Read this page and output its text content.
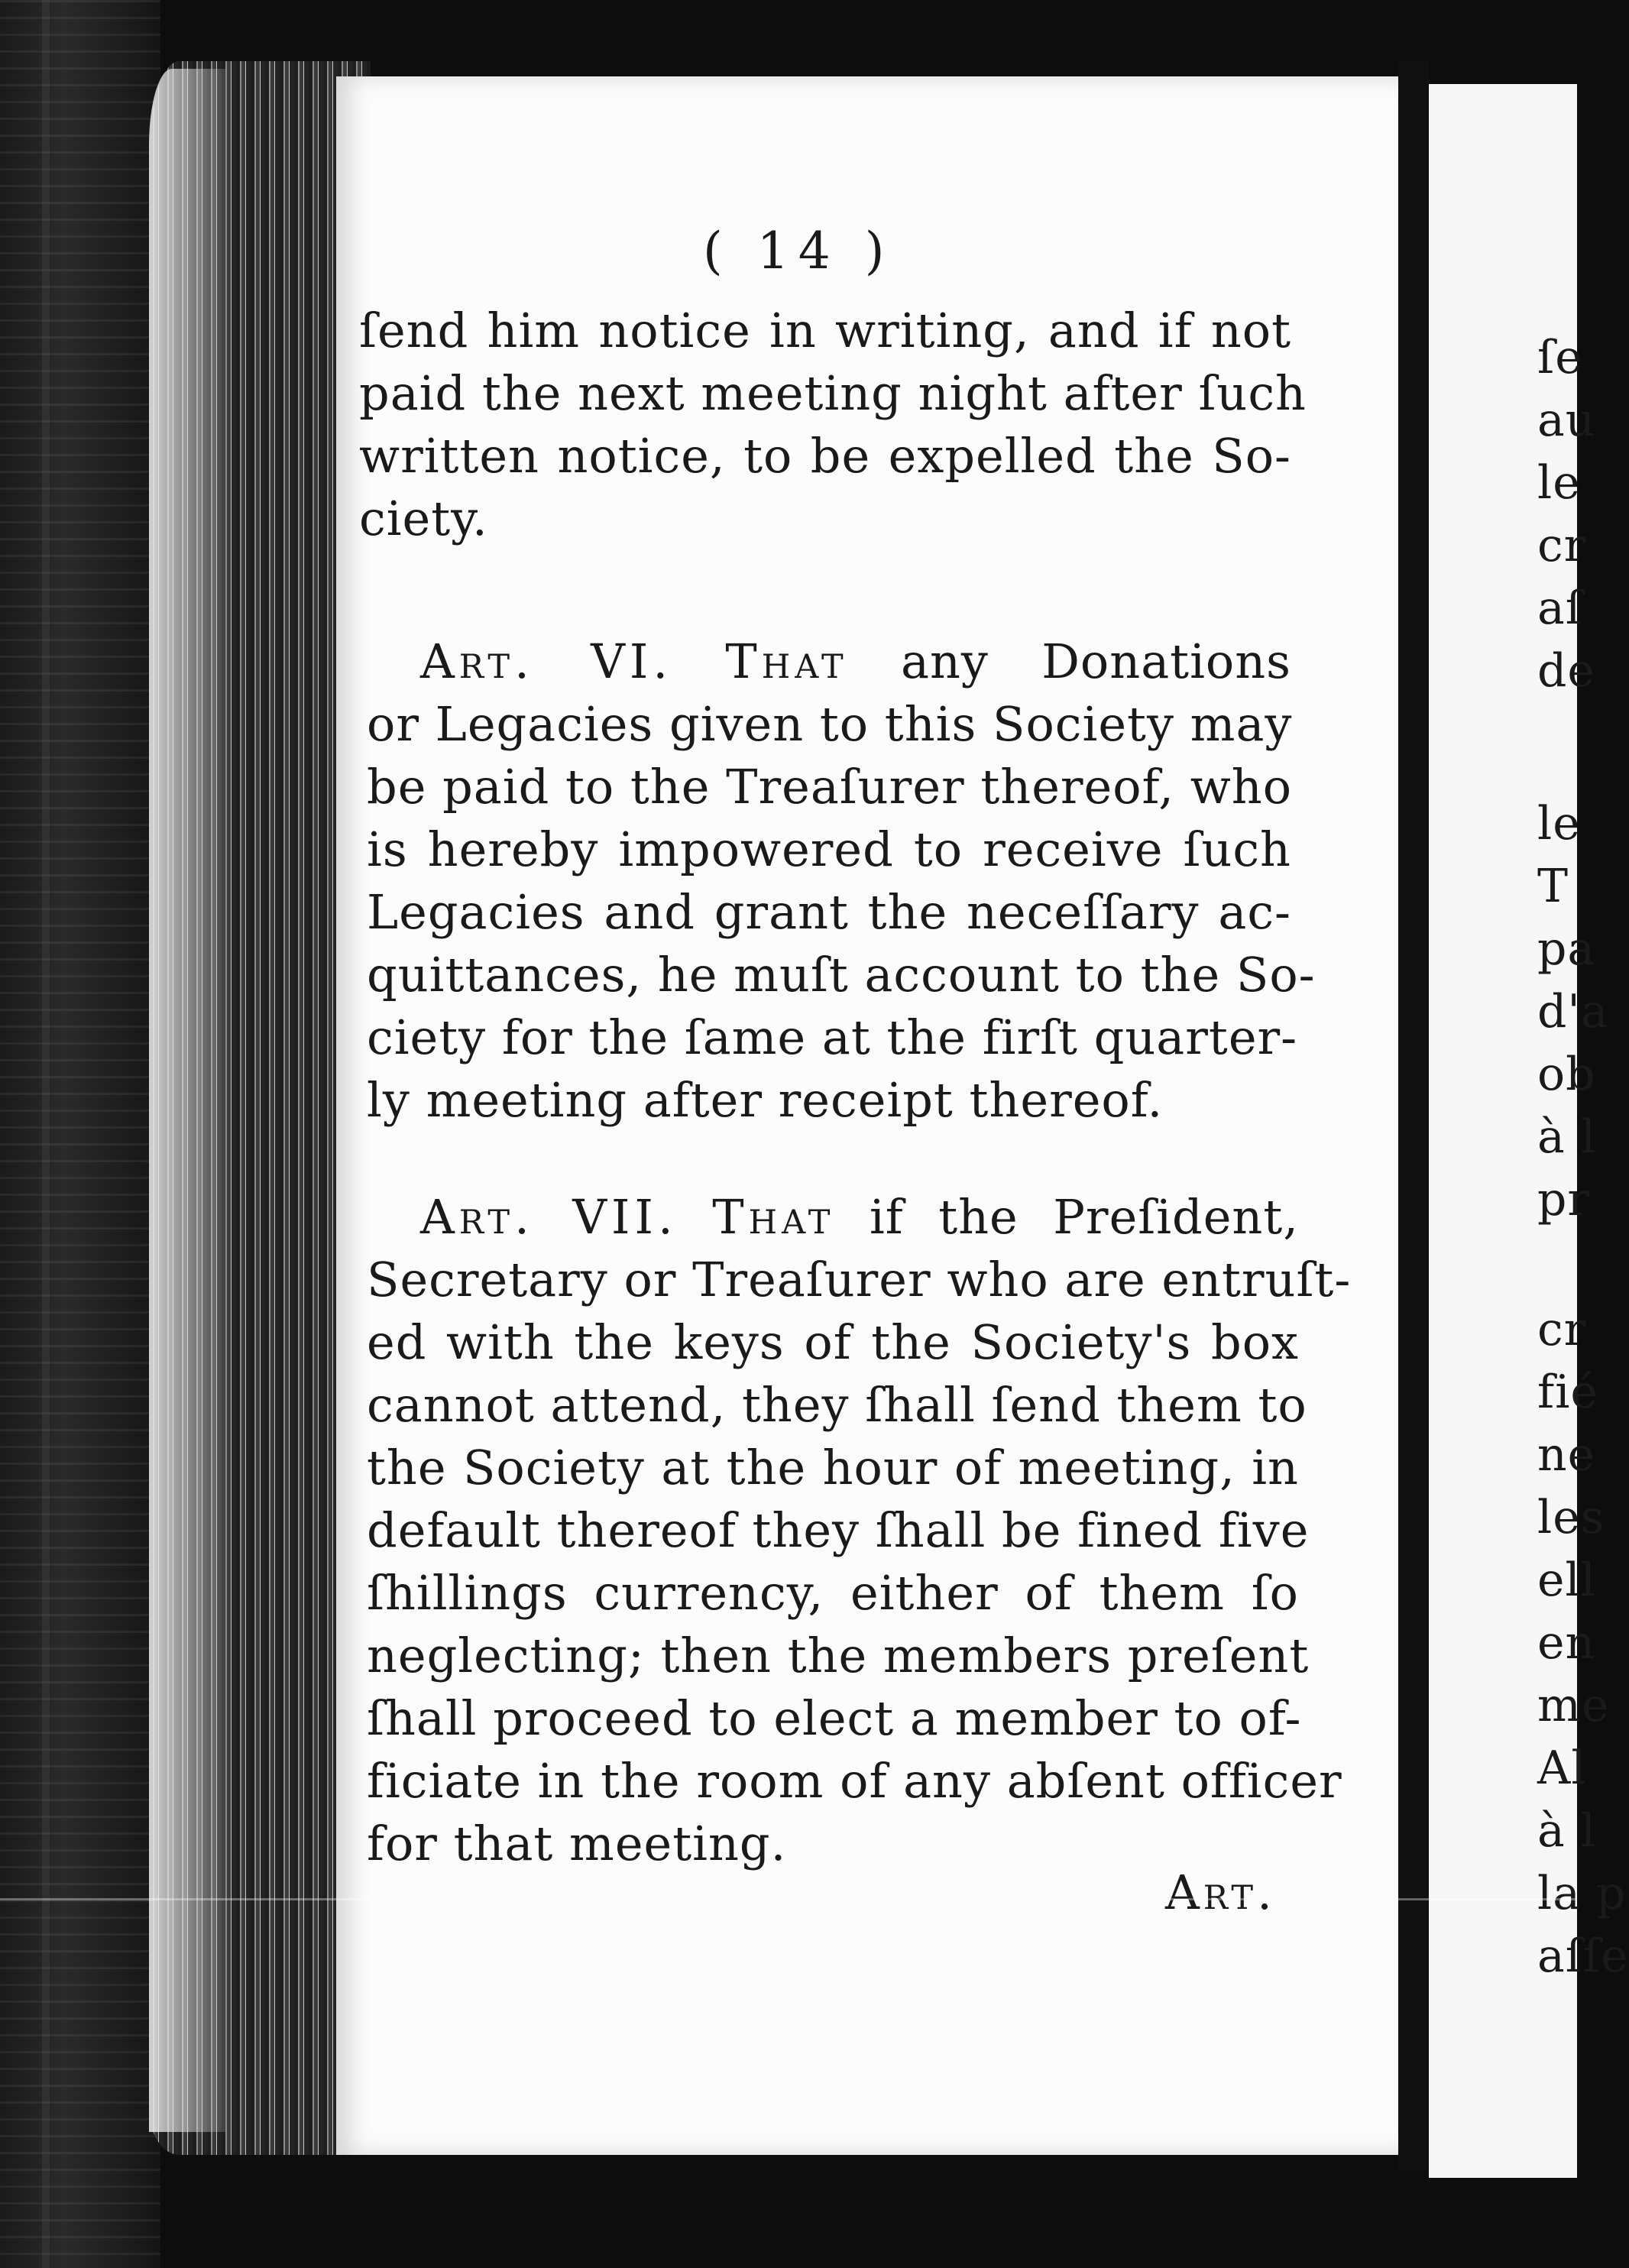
( 14 )
ſend him notice in writing, and if not
paid the next meeting night after ſuch
written notice, to be expelled the So-
ciety.
Art. VI. That any Donations
or Legacies given to this Society may
be paid to the Treaſurer thereof, who
is hereby impowered to receive ſuch
Legacies and grant the neceſſary ac-
quittances, he muſt account to the So-
ciety for the ſame at the firſt quarter-
ly meeting after receipt thereof.
Art. VII. That if the Preſident,
Secretary or Treaſurer who are entruſt-
ed with the keys of the Society's box
cannot attend, they ſhall ſend them to
the Society at the hour of meeting, in
default thereof they ſhall be fined five
ſhillings currency, either of them ſo
neglecting; then the members preſent
ſhall proceed to elect a member to of-
ficiate in the room of any abſent officer
for that meeting.
Art.
ſe
au
le
cr
aſ
de
le
T
pa
d'a
ob
à l
pr
cr
fié
ne
les
ell
en
me
Al
à l
la p
aſſe
